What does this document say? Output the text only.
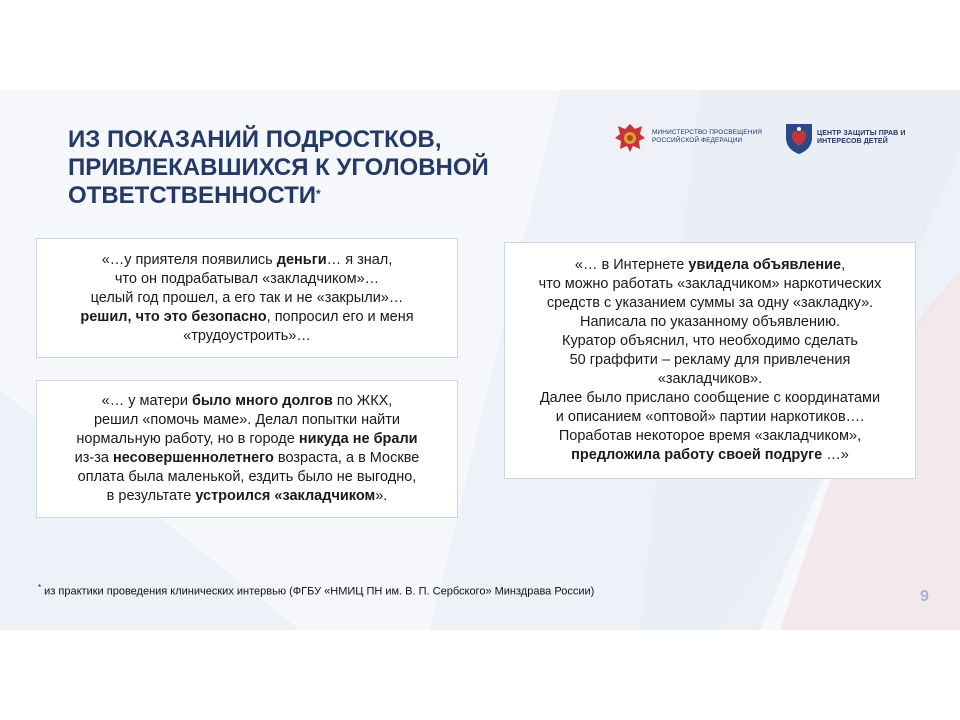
ИЗ ПОКАЗАНИЙ ПОДРОСТКОВ,
ПРИВЛЕКАВШИХСЯ К УГОЛОВНОЙ
ОТВЕТСТВЕННОСТИ*
МИНИСТЕРСТВО ПРОСВЕЩЕНИЯ РОССИЙСКОЙ ФЕДЕРАЦИИ
ЦЕНТР ЗАЩИТЫ ПРАВ И ИНТЕРЕСОВ ДЕТЕЙ

«…у приятеля появились деньги… я знал,
что он подрабатывал «закладчиком»…
целый год прошел, а его так и не «закрыли»…
решил, что это безопасно, попросил его и меня
«трудоустроить»…

«… у матери было много долгов по ЖКХ,
решил «помочь маме». Делал попытки найти
нормальную работу, но в городе никуда не брали
из-за несовершеннолетнего возраста, а в Москве
оплата была маленькой, ездить было не выгодно,
в результате устроился «закладчиком».

«… в Интернете увидела объявление,
что можно работать «закладчиком» наркотических
средств с указанием суммы за одну «закладку».
Написала по указанному объявлению.
Куратор объяснил, что необходимо сделать
50 граффити – рекламу для привлечения
«закладчиков».
Далее было прислано сообщение с координатами
и описанием «оптовой» партии наркотиков….
Поработав некоторое время «закладчиком»,
предложила работу своей подруге …»

* из практики проведения клинических интервью (ФГБУ «НМИЦ ПН им. В. П. Сербского» Минздрава России)	9
